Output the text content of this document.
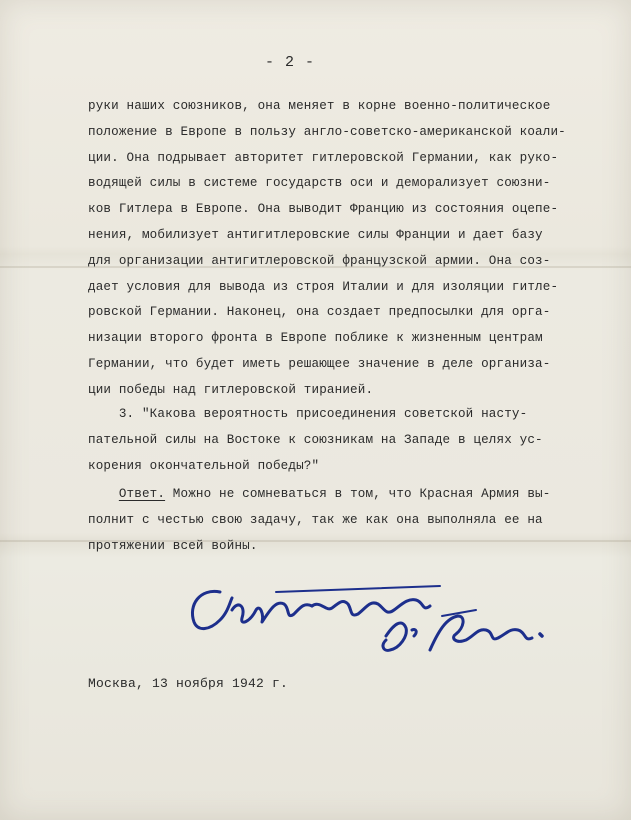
- 2 -
руки наших союзников, она меняет в корне военно-политическое
положение в Европе в пользу англо-советско-американской коали-
ции. Она подрывает авторитет гитлеровской Германии, как руко-
водящей силы в системе государств оси и деморализует союзни-
ков Гитлера в Европе. Она выводит Францию из состояния оцепе-
нения, мобилизует антигитлеровские силы Франции и дает базу
для организации антигитлеровской французской армии. Она соз-
дает условия для вывода из строя Италии и для изоляции гитле-
ровской Германии. Наконец, она создает предпосылки для орга-
низации второго фронта в Европе поблике к жизненным центрам
Германии, что будет иметь решающее значение в деле организа-
ции победы над гитлеровской тиранией.
3. "Какова вероятность присоединения советской насту-
пательной силы на Востоке к союзникам на Западе в целях ус-
корения окончательной победы?"
Ответ. Можно не сомневаться в том, что Красная Армия вы-
полнит с честью свою задачу, так же как она выполняла ее на
протяжении всей войны.
Москва, 13 ноября 1942 г.
